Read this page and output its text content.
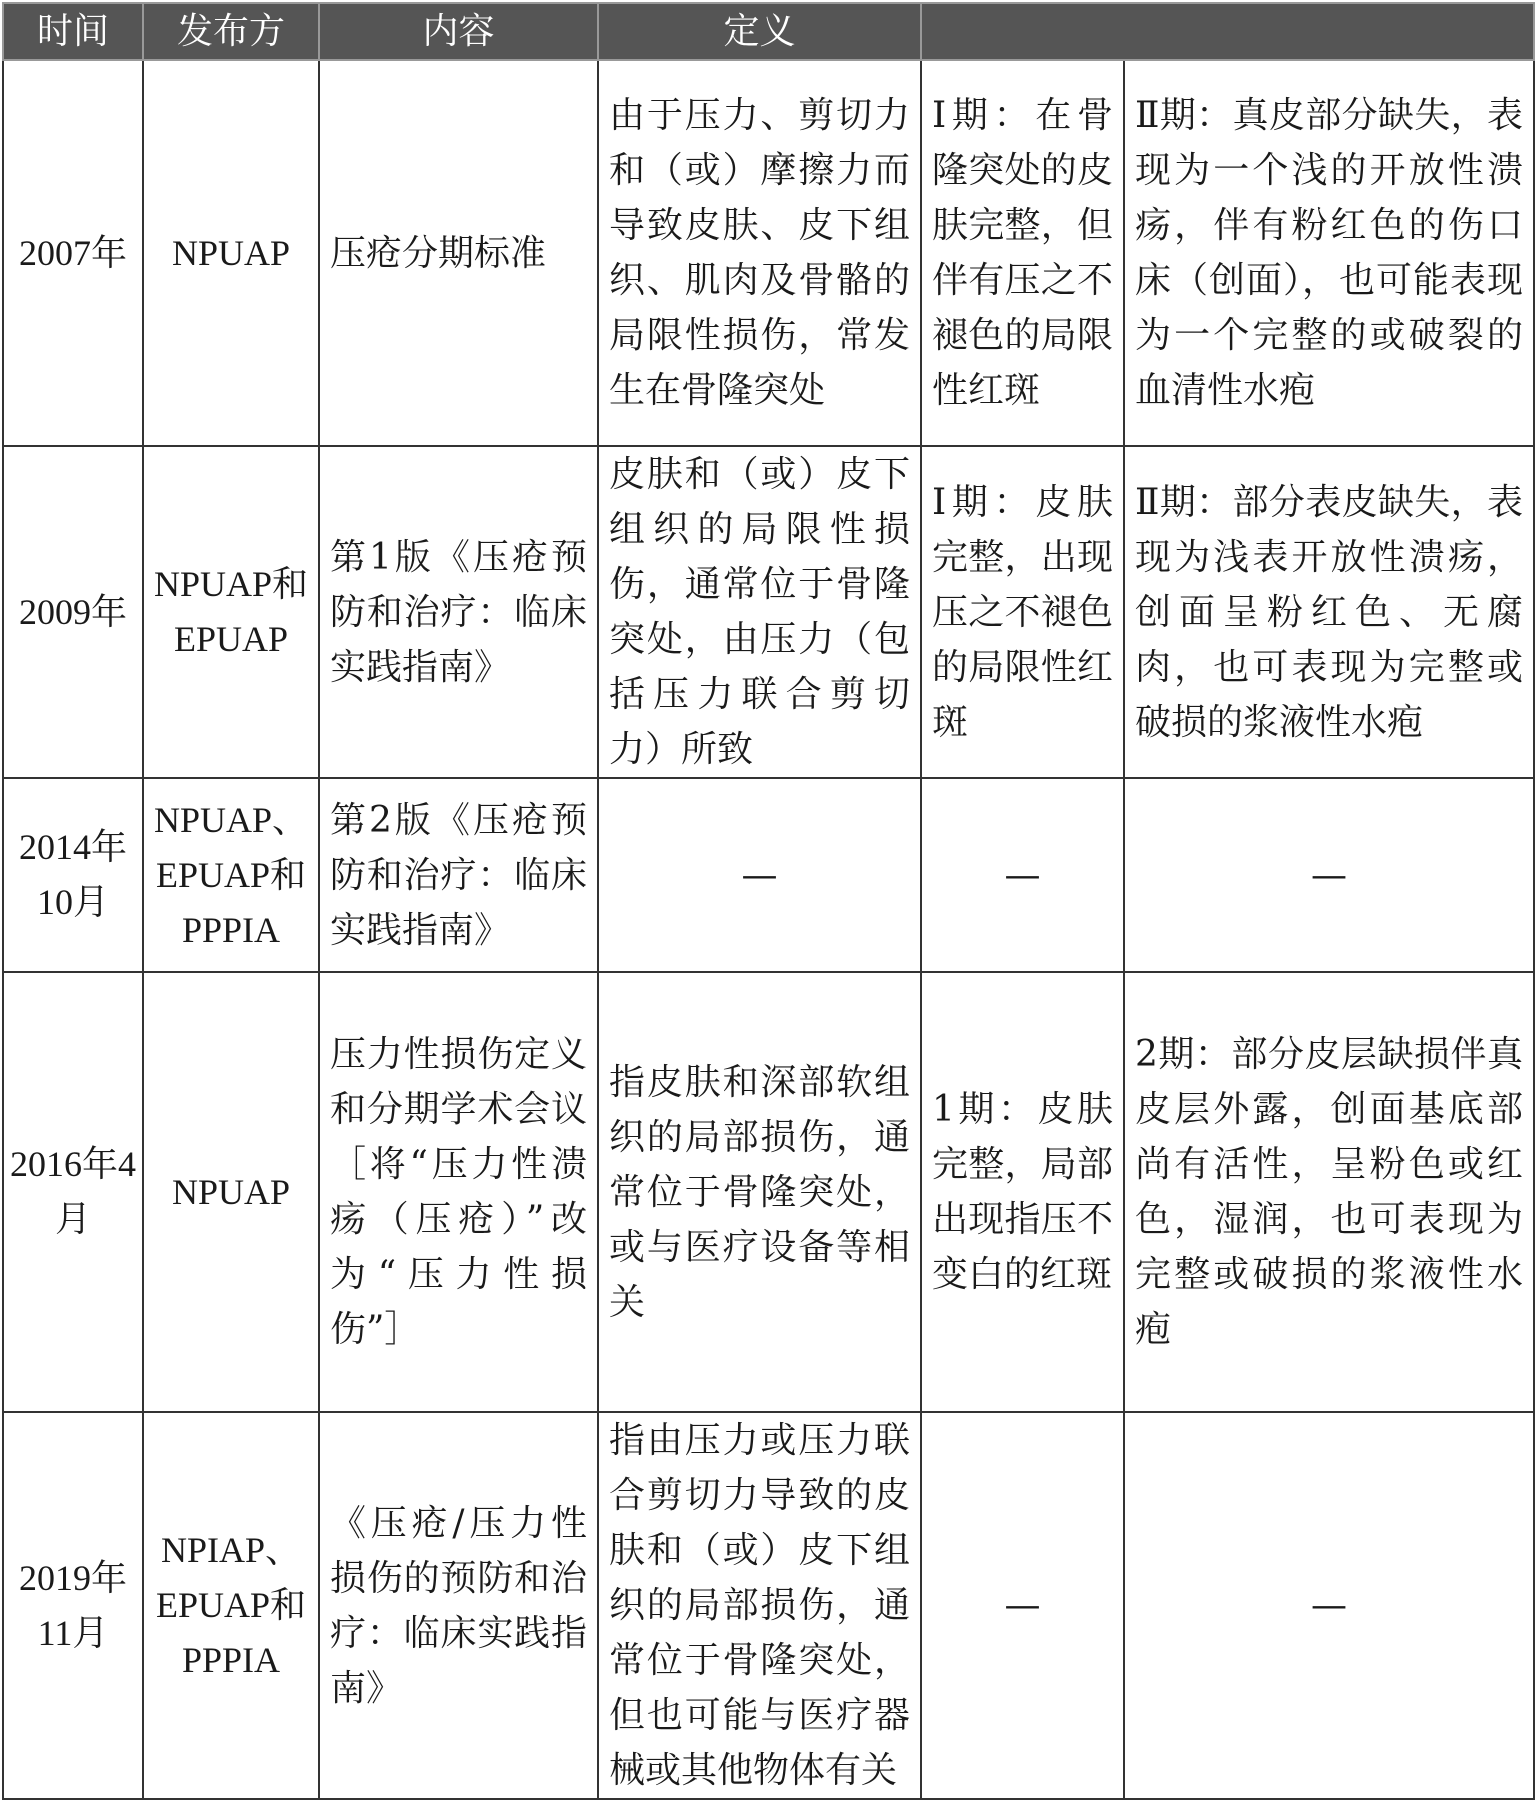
时间	发布方	内容	定义		
2007年	NPUAP	压疮分期标准	由于压力、剪切力和（或）摩擦力而导致皮肤、皮下组织、肌肉及骨骼的局限性损伤，常发生在骨隆突处	Ⅰ期：在骨隆突处的皮肤完整，但伴有压之不褪色的局限性红斑	Ⅱ期：真皮部分缺失，表现为一个浅的开放性溃疡，伴有粉红色的伤口床（创面），也可能表现为一个完整的或破裂的血清性水疱
2009年	NPUAP和EPUAP	第1版《压疮预防和治疗：临床实践指南》	皮肤和（或）皮下组织的局限性损伤，通常位于骨隆突处，由压力（包括压力联合剪切力）所致	Ⅰ期：皮肤完整，出现压之不褪色的局限性红斑	Ⅱ期：部分表皮缺失，表现为浅表开放性溃疡，创面呈粉红色、无腐肉，也可表现为完整或破损的浆液性水疱
2014年10月	NPUAP、EPUAP和PPPIA	第2版《压疮预防和治疗：临床实践指南》	—	—	—
2016年4月	NPUAP	压力性损伤定义和分期学术会议［将“压力性溃疡（压疮）”改为“压力性损伤”］	指皮肤和深部软组织的局部损伤，通常位于骨隆突处，或与医疗设备等相关	1期：皮肤完整，局部出现指压不变白的红斑	2期：部分皮层缺损伴真皮层外露，创面基底部尚有活性，呈粉色或红色，湿润，也可表现为完整或破损的浆液性水疱
2019年11月	NPIAP、EPUAP和PPPIA	《压疮/压力性损伤的预防和治疗：临床实践指南》	指由压力或压力联合剪切力导致的皮肤和（或）皮下组织的局部损伤，通常位于骨隆突处，但也可能与医疗器械或其他物体有关	—	—
